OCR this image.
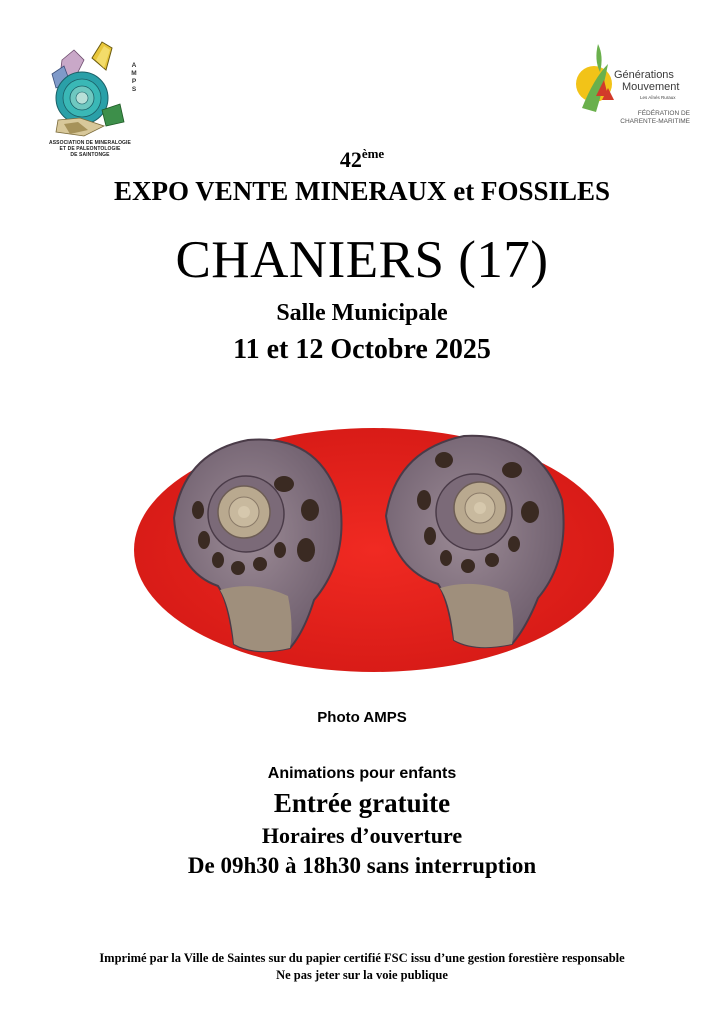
A
M
P
S
ASSOCIATION DE MINERALOGIE
ET DE PALEONTOLOGIE
DE SAINTONGE
Générations
Mouvement
Les Aînés Ruraux
FÉDÉRATION DE
CHARENTE-MARITIME
42ème
EXPO VENTE MINERAUX et FOSSILES
CHANIERS (17)
Salle Municipale
11 et 12 Octobre 2025
Photo AMPS
Animations pour enfants
Entrée gratuite
Horaires d’ouverture
De 09h30 à 18h30 sans interruption
Imprimé par la Ville de Saintes sur du papier certifié FSC issu d’une gestion forestière responsable
Ne pas jeter sur la voie publique
